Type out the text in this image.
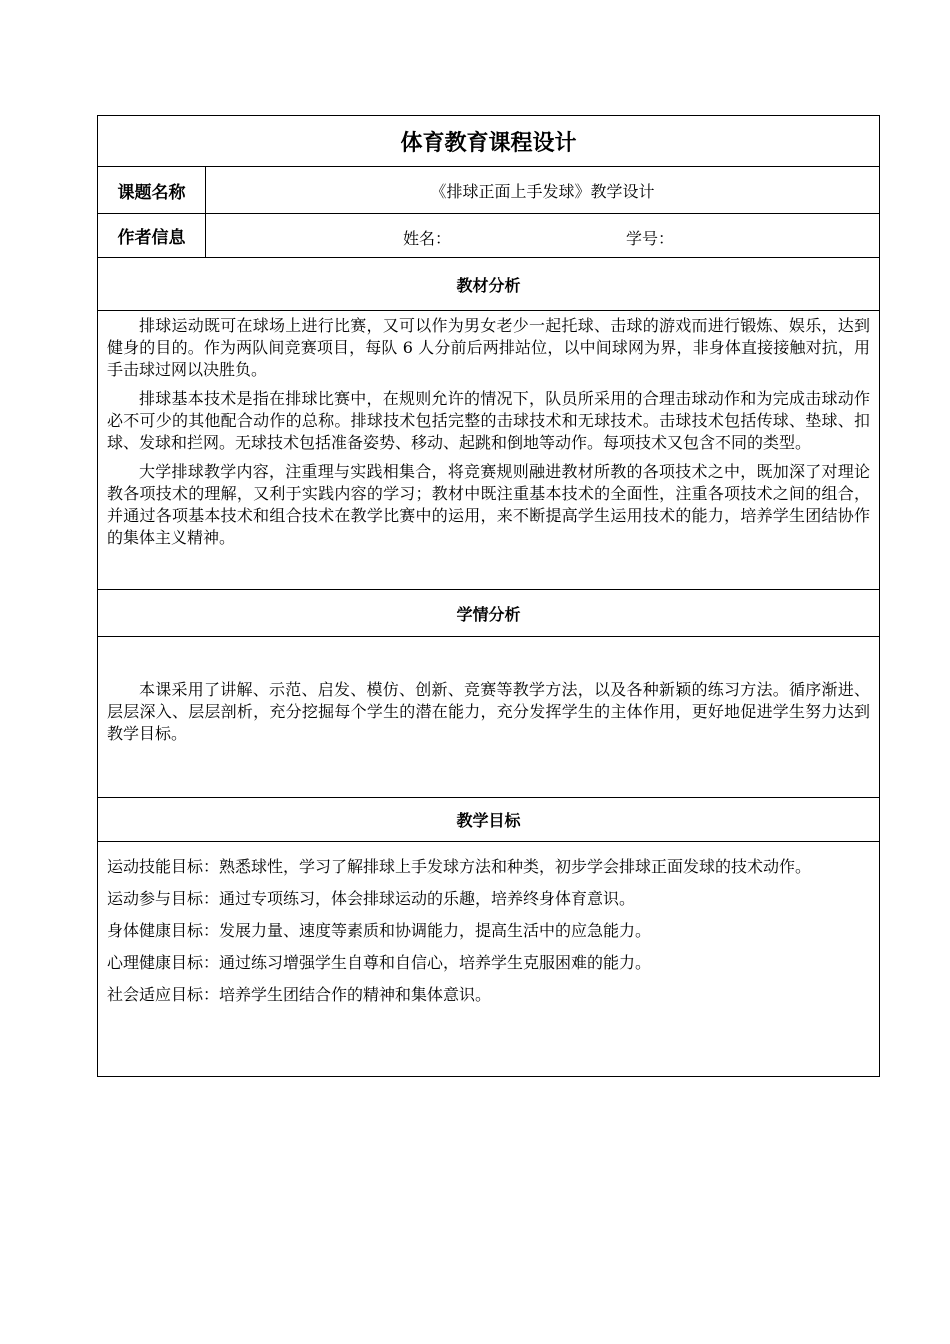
体育教育课程设计	
课题名称	《排球正面上手发球》教学设计
作者信息	姓名： 学号：

教材分析	

排球运动既可在球场上进行比赛，又可以作为男女老少一起托球、击球的游戏而进行锻炼、娱乐，达到健身的目的。作为两队间竞赛项目，每队 6 人分前后两排站位，以中间球网为界，非身体直接接触对抗，用手击球过网以决胜负。

排球基本技术是指在排球比赛中，在规则允许的情况下，队员所采用的合理击球动作和为完成击球动作必不可少的其他配合动作的总称。排球技术包括完整的击球技术和无球技术。击球技术包括传球、垫球、扣球、发球和拦网。无球技术包括准备姿势、移动、起跳和倒地等动作。每项技术又包含不同的类型。

大学排球教学内容，注重理与实践相集合，将竞赛规则融进教材所教的各项技术之中，既加深了对理论教各项技术的理解，又利于实践内容的学习；教材中既注重基本技术的全面性，注重各项技术之间的组合，并通过各项基本技术和组合技术在教学比赛中的运用，来不断提高学生运用技术的能力，培养学生团结协作的集体主义精神。	

学情分析	

本课采用了讲解、示范、启发、模仿、创新、竞赛等教学方法，以及各种新颖的练习方法。循序渐进、层层深入、层层剖析，充分挖掘每个学生的潜在能力，充分发挥学生的主体作用，更好地促进学生努力达到教学目标。	

教学目标	

运动技能目标：熟悉球性，学习了解排球上手发球方法和种类，初步学会排球正面发球的技术动作。

运动参与目标：通过专项练习，体会排球运动的乐趣，培养终身体育意识。

身体健康目标：发展力量、速度等素质和协调能力，提高生活中的应急能力。

心理健康目标：通过练习增强学生自尊和自信心，培养学生克服困难的能力。

社会适应目标：培养学生团结合作的精神和集体意识。	
